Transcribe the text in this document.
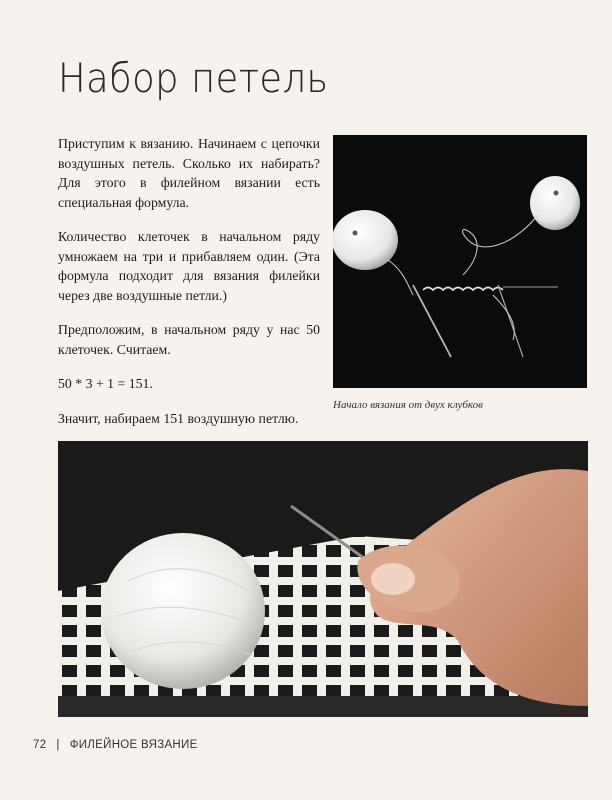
Набор петель

Приступим к вязанию. Начинаем с цепочки воздушных петель. Сколько их набирать? Для этого в филейном вязании есть специальная формула.

Количество клеточек в начальном ряду умножаем на три и прибавляем один. (Эта формула подходит для вязания филейки через две воздушные петли.)

Предположим, в начальном ряду у нас 50 клеточек. Считаем.

50 * 3 + 1 = 151.

Значит, набираем 151 воздушную петлю.

Начало вязания от двух клубков
72 | ФИЛЕЙНОЕ ВЯЗАНИЕ
